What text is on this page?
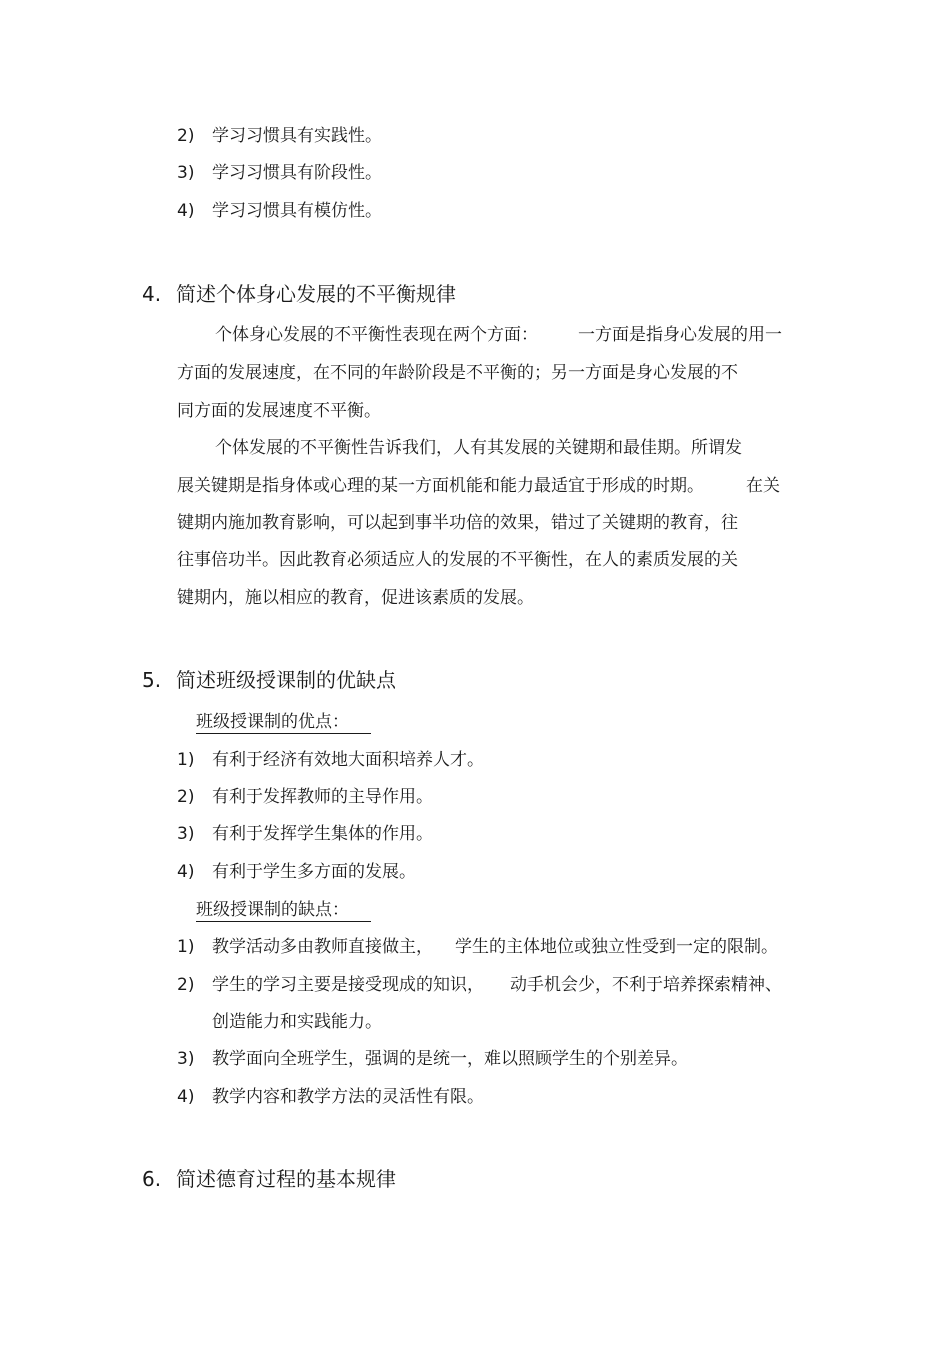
2) 学习习惯具有实践性。
3) 学习习惯具有阶段性。
4) 学习习惯具有模仿性。
4. 简述个体身心发展的不平衡规律
个体身心发展的不平衡性表现在两个方面： 一方面是指身心发展的用一
方面的发展速度，在不同的年龄阶段是不平衡的；另一方面是身心发展的不
同方面的发展速度不平衡。
个体发展的不平衡性告诉我们，人有其发展的关键期和最佳期。所谓发
展关键期是指身体或心理的某一方面机能和能力最适宜于形成的时期。 在关
键期内施加教育影响，可以起到事半功倍的效果，错过了关键期的教育，往
往事倍功半。因此教育必须适应人的发展的不平衡性，在人的素质发展的关
键期内，施以相应的教育，促进该素质的发展。
5. 简述班级授课制的优缺点
班级授课制的优点：
1) 有利于经济有效地大面积培养人才。
2) 有利于发挥教师的主导作用。
3) 有利于发挥学生集体的作用。
4) 有利于学生多方面的发展。
班级授课制的缺点：
1) 教学活动多由教师直接做主， 学生的主体地位或独立性受到一定的限制。
2) 学生的学习主要是接受现成的知识， 动手机会少，不利于培养探索精神、
创造能力和实践能力。
3) 教学面向全班学生，强调的是统一，难以照顾学生的个别差异。
4) 教学内容和教学方法的灵活性有限。
6. 简述德育过程的基本规律
